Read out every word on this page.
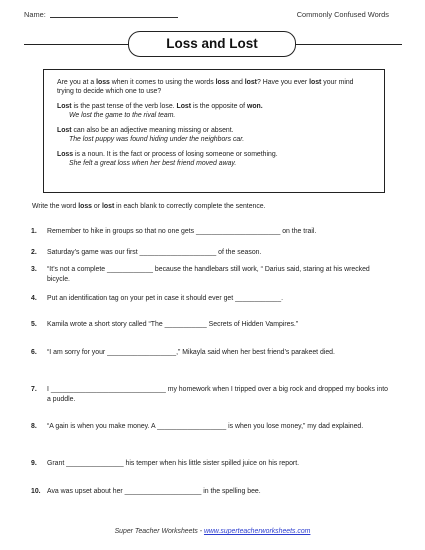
Name:	Commonly Confused Words
Loss and Lost

Are you at a loss when it comes to using the words loss and lost? Have you ever lost your mind trying to decide which one to use?

Lost is the past tense of the verb lose. Lost is the opposite of won.
We lost the game to the rival team.

Lost can also be an adjective meaning missing or absent.
The lost puppy was found hiding under the neighbors car.

Loss is a noun. It is the fact or process of losing someone or something.
She felt a great loss when her best friend moved away.

Write the word loss or lost in each blank to correctly complete the sentence.
1.	Remember to hike in groups so that no one gets ______________________ on the trail.
2.	Saturday’s game was our first ____________________ of the season.
3.	“It’s not a complete ____________ because the handlebars still work, “ Darius said, staring at his wrecked bicycle.
4.	Put an identification tag on your pet in case it should ever get ____________.
5.	Kamila wrote a short story called “The ___________ Secrets of Hidden Vampires.”
6.	“I am sorry for your __________________,” Mikayla said when her best friend’s parakeet died.
7.	I ______________________________ my homework when I tripped over a big rock and dropped my books into a puddle.
8.	“A gain is when you make money. A __________________ is when you lose money,” my dad explained.
9.	Grant _______________ his temper when his little sister spilled juice on his report.
10. Ava was upset about her ____________________ in the spelling bee.
Super Teacher Worksheets - www.superteacherworksheets.com
